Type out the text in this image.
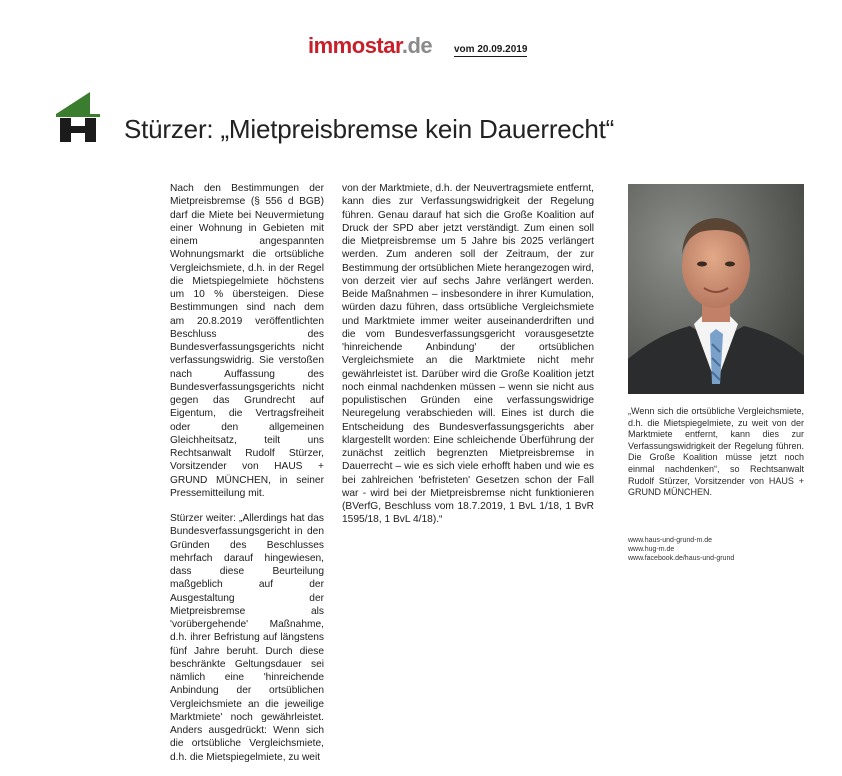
immostar.de vom 20.09.2019
Stürzer: „Mietpreisbremse kein Dauerrecht“

Nach den Bestimmungen der Mietpreisbremse (§ 556 d BGB) darf die Miete bei Neuvermietung einer Wohnung in Gebieten mit einem angespannten Wohnungsmarkt die ortsübliche Vergleichsmiete, d.h. in der Regel die Mietspiegelmiete höchstens um 10 % übersteigen. Diese Bestimmungen sind nach dem am 20.8.2019 veröffentlichten Beschluss des Bundesverfassungsgerichts nicht verfassungswidrig. Sie verstoßen nach Auffassung des Bundesverfassungsgerichts nicht gegen das Grundrecht auf Eigentum, die Vertragsfreiheit oder den allgemeinen Gleichheitsatz, teilt uns Rechtsanwalt Rudolf Stürzer, Vorsitzender von HAUS + GRUND MÜNCHEN, in seiner Pressemitteilung mit.

Stürzer weiter: „Allerdings hat das Bundesverfassungsgericht in den Gründen des Beschlusses mehrfach darauf hingewiesen, dass diese Beurteilung maßgeblich auf der Ausgestaltung der Mietpreisbremse als 'vorübergehende' Maßnahme, d.h. ihrer Befristung auf längstens fünf Jahre beruht. Durch diese beschränkte Geltungsdauer sei nämlich eine 'hinreichende Anbindung der ortsüblichen Vergleichsmiete an die jeweilige Marktmiete' noch gewährleistet. Anders ausgedrückt: Wenn sich die ortsübliche Vergleichsmiete, d.h. die Mietspiegelmiete, zu weit

von der Marktmiete, d.h. der Neuvertragsmiete entfernt, kann dies zur Verfassungswidrigkeit der Regelung führen. Genau darauf hat sich die Große Koalition auf Druck der SPD aber jetzt verständigt. Zum einen soll die Mietpreisbremse um 5 Jahre bis 2025 verlängert werden. Zum anderen soll der Zeitraum, der zur Bestimmung der ortsüblichen Miete herangezogen wird, von derzeit vier auf sechs Jahre verlängert werden. Beide Maßnahmen – insbesondere in ihrer Kumulation, würden dazu führen, dass ortsübliche Vergleichsmiete und Marktmiete immer weiter auseinanderdriften und die vom Bundesverfassungsgericht vorausgesetzte 'hinreichende Anbindung' der ortsüblichen Vergleichsmiete an die Marktmiete nicht mehr gewährleistet ist. Darüber wird die Große Koalition jetzt noch einmal nachdenken müssen – wenn sie nicht aus populistischen Gründen eine verfassungswidrige Neuregelung verabschieden will. Eines ist durch die Entscheidung des Bundesverfassungsgerichts aber klargestellt worden: Eine schleichende Überführung der zunächst zeitlich begrenzten Mietpreisbremse in Dauerrecht – wie es sich viele erhofft haben und wie es bei zahlreichen 'befristeten' Gesetzen schon der Fall war - wird bei der Mietpreisbremse nicht funktionieren (BVerfG, Beschluss vom 18.7.2019, 1 BvL 1/18, 1 BvR 1595/18, 1 BvL 4/18).“

„Wenn sich die ortsübliche Vergleichsmiete, d.h. die Mietspiegelmiete, zu weit von der Marktmiete entfernt, kann dies zur Verfassungswidrigkeit der Regelung führen. Die Große Koalition müsse jetzt noch einmal nachdenken“, so Rechtsanwalt Rudolf Stürzer, Vorsitzender von HAUS + GRUND MÜNCHEN.
www.haus-und-grund-m.de
www.hug-m.de
www.facebook.de/haus-und-grund
